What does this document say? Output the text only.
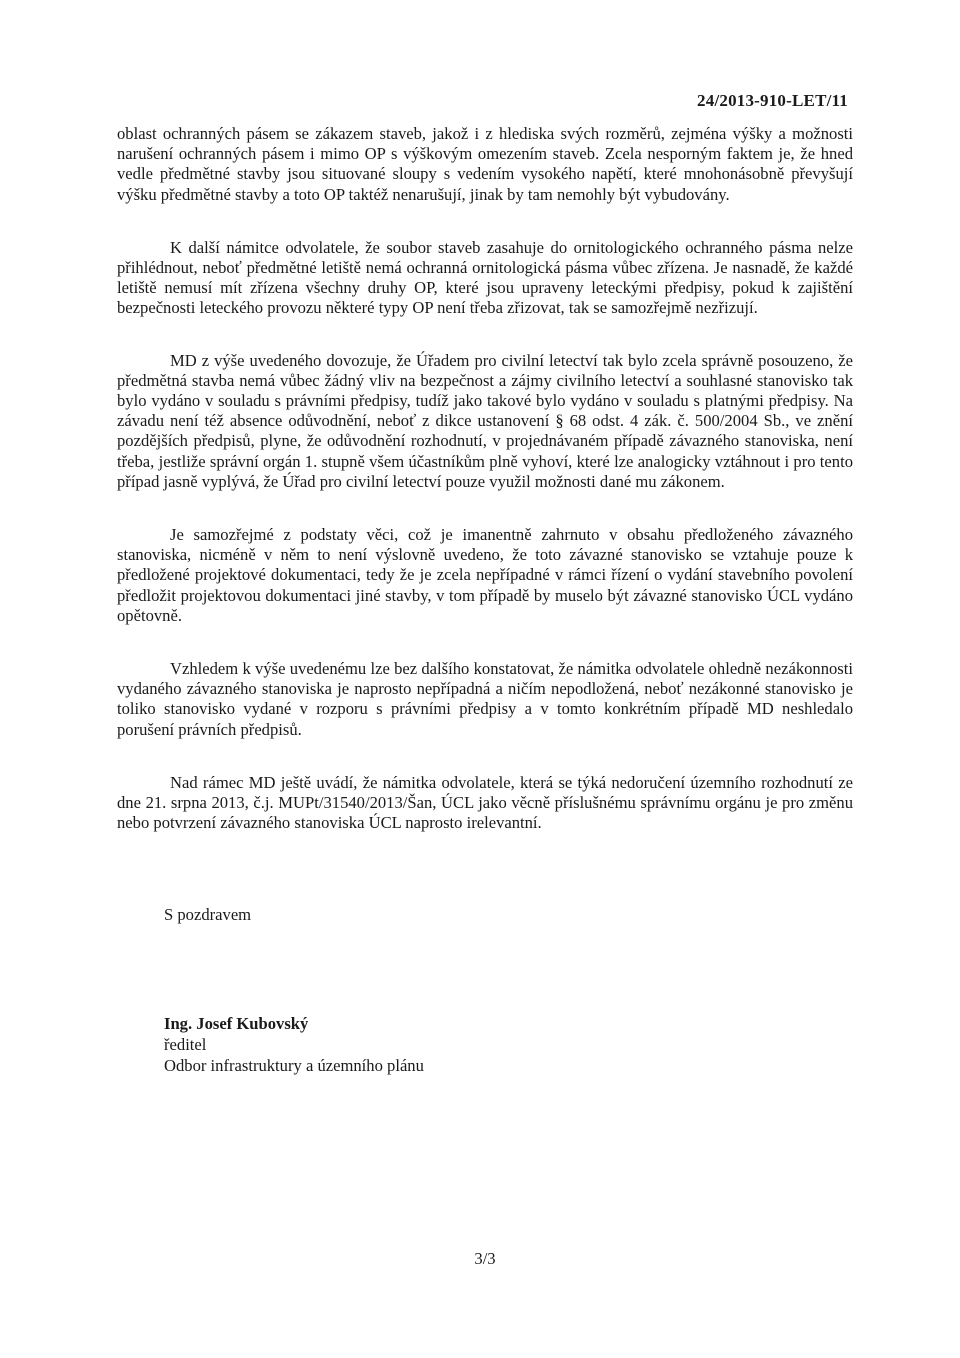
24/2013-910-LET/11

oblast ochranných pásem se zákazem staveb, jakož i z hlediska svých rozměrů, zejména výšky a možnosti narušení ochranných pásem i mimo OP s výškovým omezením staveb. Zcela nesporným faktem je, že hned vedle předmětné stavby jsou situované sloupy s vedením vysokého napětí, které mnohonásobně převyšují výšku předmětné stavby a toto OP taktéž nenarušují, jinak by tam nemohly být vybudovány.

K další námitce odvolatele, že soubor staveb zasahuje do ornitologického ochranného pásma nelze přihlédnout, neboť předmětné letiště nemá ochranná ornitologická pásma vůbec zřízena. Je nasnadě, že každé letiště nemusí mít zřízena všechny druhy OP, které jsou upraveny leteckými předpisy, pokud k zajištění bezpečnosti leteckého provozu některé typy OP není třeba zřizovat, tak se samozřejmě nezřizují.

MD z výše uvedeného dovozuje, že Úřadem pro civilní letectví tak bylo zcela správně posouzeno, že předmětná stavba nemá vůbec žádný vliv na bezpečnost a zájmy civilního letectví a souhlasné stanovisko tak bylo vydáno v souladu s právními předpisy, tudíž jako takové bylo vydáno v souladu s platnými předpisy. Na závadu není též absence odůvodnění, neboť z dikce ustanovení § 68 odst. 4 zák. č. 500/2004 Sb., ve znění pozdějších předpisů, plyne, že odůvodnění rozhodnutí, v projednávaném případě závazného stanoviska, není třeba, jestliže správní orgán 1. stupně všem účastníkům plně vyhoví, které lze analogicky vztáhnout i pro tento případ jasně vyplývá, že Úřad pro civilní letectví pouze využil možnosti dané mu zákonem.

Je samozřejmé z podstaty věci, což je imanentně zahrnuto v obsahu předloženého závazného stanoviska, nicméně v něm to není výslovně uvedeno, že toto závazné stanovisko se vztahuje pouze k předložené projektové dokumentaci, tedy že je zcela nepřípadné v rámci řízení o vydání stavebního povolení předložit projektovou dokumentaci jiné stavby, v tom případě by muselo být závazné stanovisko ÚCL vydáno opětovně.

Vzhledem k výše uvedenému lze bez dalšího konstatovat, že námitka odvolatele ohledně nezákonnosti vydaného závazného stanoviska je naprosto nepřípadná a ničím nepodložená, neboť nezákonné stanovisko je toliko stanovisko vydané v rozporu s právními předpisy a v tomto konkrétním případě MD neshledalo porušení právních předpisů.

Nad rámec MD ještě uvádí, že námitka odvolatele, která se týká nedoručení územního rozhodnutí ze dne 21. srpna 2013, č.j. MUPt/31540/2013/Šan, ÚCL jako věcně příslušnému správnímu orgánu je pro změnu nebo potvrzení závazného stanoviska ÚCL naprosto irelevantní.

S pozdravem
Ing. Josef Kubovský
ředitel
Odbor infrastruktury a územního plánu
3/3
